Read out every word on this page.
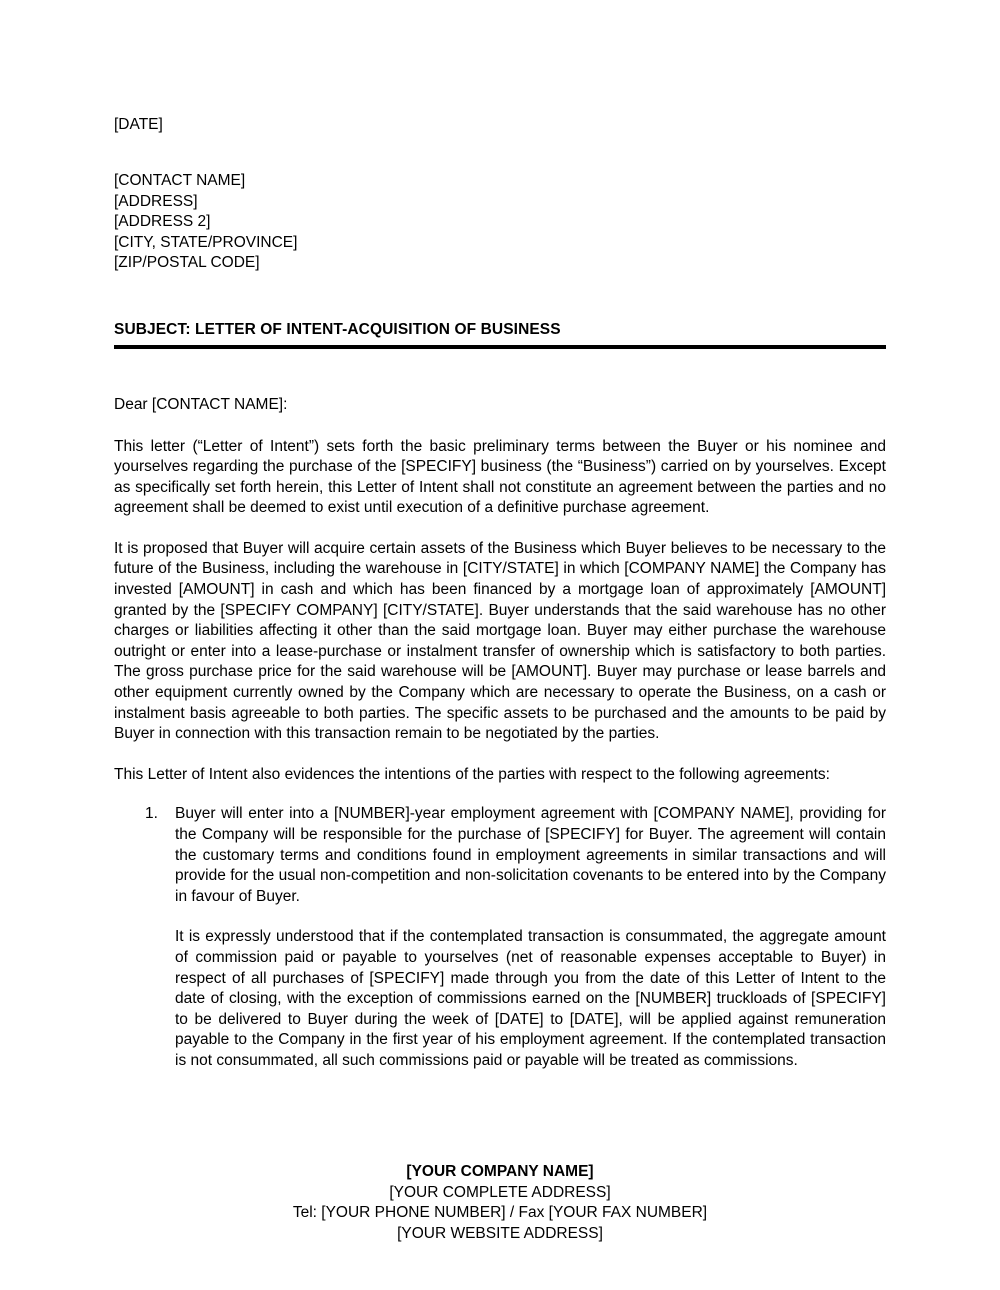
[DATE]
[CONTACT NAME]
[ADDRESS]
[ADDRESS 2]
[CITY, STATE/PROVINCE]
[ZIP/POSTAL CODE]
SUBJECT: LETTER OF INTENT-ACQUISITION OF BUSINESS
Dear [CONTACT NAME]:

This letter (“Letter of Intent”) sets forth the basic preliminary terms between the Buyer or his nominee and yourselves regarding the purchase of the [SPECIFY] business (the “Business”) carried on by yourselves. Except as specifically set forth herein, this Letter of Intent shall not constitute an agreement between the parties and no agreement shall be deemed to exist until execution of a definitive purchase agreement.

It is proposed that Buyer will acquire certain assets of the Business which Buyer believes to be necessary to the future of the Business, including the warehouse in [CITY/STATE] in which [COMPANY NAME] the Company has invested [AMOUNT] in cash and which has been financed by a mortgage loan of approximately [AMOUNT] granted by the [SPECIFY COMPANY] [CITY/STATE]. Buyer understands that the said warehouse has no other charges or liabilities affecting it other than the said mortgage loan. Buyer may either purchase the warehouse outright or enter into a lease-purchase or instalment transfer of ownership which is satisfactory to both parties. The gross purchase price for the said warehouse will be [AMOUNT]. Buyer may purchase or lease barrels and other equipment currently owned by the Company which are necessary to operate the Business, on a cash or instalment basis agreeable to both parties. The specific assets to be purchased and the amounts to be paid by Buyer in connection with this transaction remain to be negotiated by the parties.

This Letter of Intent also evidences the intentions of the parties with respect to the following agreements:

1. Buyer will enter into a [NUMBER]-year employment agreement with [COMPANY NAME], providing for the Company will be responsible for the purchase of [SPECIFY] for Buyer. The agreement will contain the customary terms and conditions found in employment agreements in similar transactions and will provide for the usual non-competition and non-solicitation covenants to be entered into by the Company in favour of Buyer.

It is expressly understood that if the contemplated transaction is consummated, the aggregate amount of commission paid or payable to yourselves (net of reasonable expenses acceptable to Buyer) in respect of all purchases of [SPECIFY] made through you from the date of this Letter of Intent to the date of closing, with the exception of commissions earned on the [NUMBER] truckloads of [SPECIFY] to be delivered to Buyer during the week of [DATE] to [DATE], will be applied against remuneration payable to the Company in the first year of his employment agreement. If the contemplated transaction is not consummated, all such commissions paid or payable will be treated as commissions.

[YOUR COMPANY NAME]
[YOUR COMPLETE ADDRESS]
Tel: [YOUR PHONE NUMBER] / Fax [YOUR FAX NUMBER]
[YOUR WEBSITE ADDRESS]
